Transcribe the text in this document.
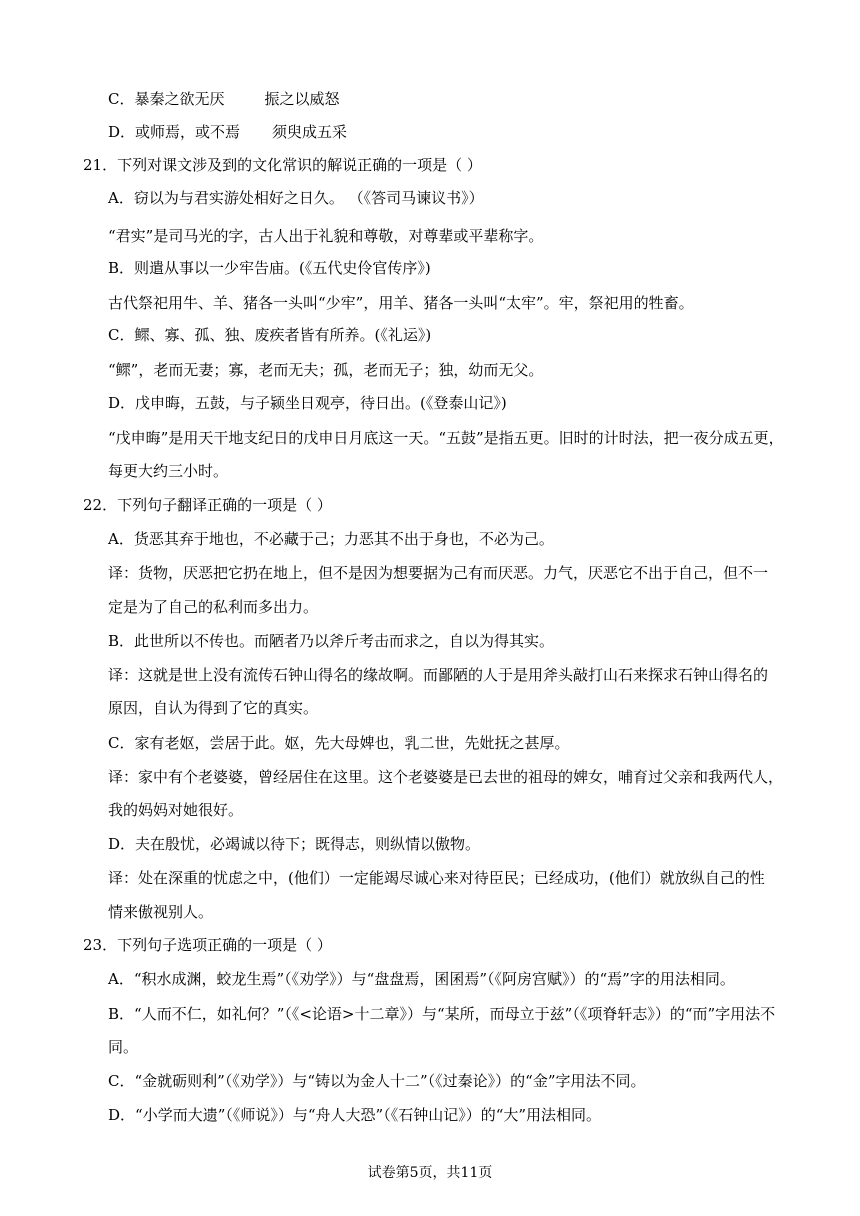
C．暴秦之欲无厌	振之以威怒
D．或师焉，或不焉 须臾成五采
21．下列对课文涉及到的文化常识的解说正确的一项是（ ）
A．窃以为与君实游处相好之日久。 （《答司马谏议书》）
“君实”是司马光的字，古人出于礼貌和尊敬，对尊辈或平辈称字。
B．则遣从事以一少牢告庙。(《五代史伶官传序》)
古代祭祀用牛、羊、猪各一头叫“少牢”，用羊、猪各一头叫“太牢”。牢，祭祀用的牲畜。
C．鳏、寡、孤、独、废疾者皆有所养。(《礼运》)
“鳏”，老而无妻；寡，老而无夫；孤，老而无子；独，幼而无父。
D．戊申晦，五鼓，与子颍坐日观亭，待日出。(《登泰山记》)
“戊申晦”是用天干地支纪日的戊申日月底这一天。“五鼓”是指五更。旧时的计时法，把一夜分成五更，
每更大约三小时。
22．下列句子翻译正确的一项是（ ）
A．货恶其弃于地也，不必藏于己；力恶其不出于身也，不必为己。
译：货物，厌恶把它扔在地上，但不是因为想要据为己有而厌恶。力气，厌恶它不出于自己，但不一
定是为了自己的私利而多出力。
B．此世所以不传也。而陋者乃以斧斤考击而求之，自以为得其实。
译：这就是世上没有流传石钟山得名的缘故啊。而鄙陋的人于是用斧头敲打山石来探求石钟山得名的
原因，自认为得到了它的真实。
C．家有老妪，尝居于此。妪，先大母婢也，乳二世，先妣抚之甚厚。
译：家中有个老婆婆，曾经居住在这里。这个老婆婆是已去世的祖母的婢女，哺育过父亲和我两代人，
我的妈妈对她很好。
D．夫在殷忧，必竭诚以待下；既得志，则纵情以傲物。
译：处在深重的忧虑之中，(他们）一定能竭尽诚心来对待臣民；已经成功，(他们）就放纵自己的性
情来傲视别人。
23．下列句子选项正确的一项是（ ）
A．“积水成渊，蛟龙生焉”（《劝学》）与“盘盘焉，囷囷焉”（《阿房宫赋》）的“焉”字的用法相同。
B．“人而不仁，如礼何？”（《<论语>十二章》）与“某所，而母立于兹”（《项脊轩志》）的“而”字用法不
同。
C．“金就砺则利”（《劝学》）与“铸以为金人十二”（《过秦论》）的“金”字用法不同。
D．“小学而大遗”（《师说》）与“舟人大恐”（《石钟山记》）的“大”用法相同。
试卷第5页，共11页
